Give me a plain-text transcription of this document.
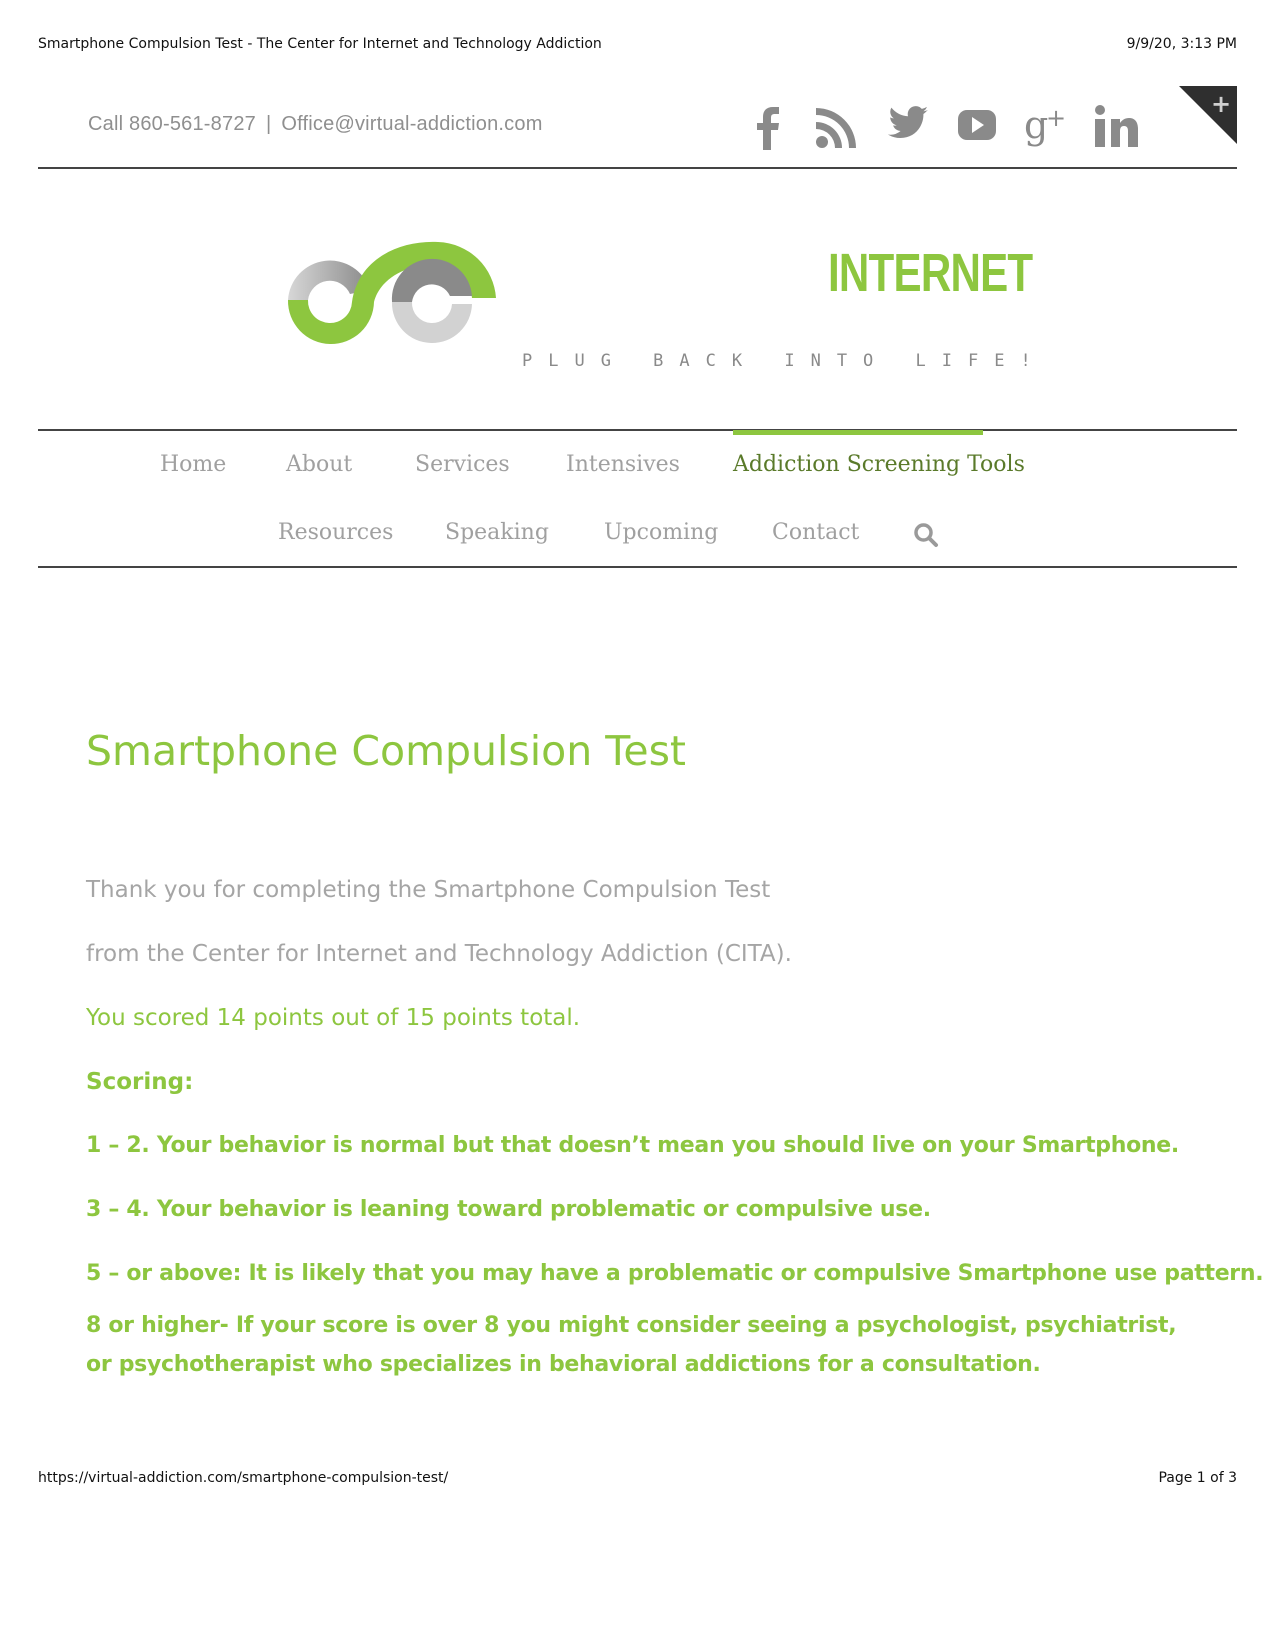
Smartphone Compulsion Test - The Center for Internet and Technology Addiction	9/9/20, 3:13 PM
Call 860-561-8727 | Office@virtual-addiction.com	g
+	+
INTERNET
PLUG BACK INTO LIFE!
Home	About	Services	Intensives Addiction Screening Tools
Resources Speaking	Upcoming Contact
Smartphone Compulsion Test

Thank you for completing the Smartphone Compulsion Test

from the Center for Internet and Technology Addiction (CITA).

You scored 14 points out of 15 points total.

Scoring:

1 – 2. Your behavior is normal but that doesn’t mean you should live on your Smartphone.

3 – 4. Your behavior is leaning toward problematic or compulsive use.

5 – or above: It is likely that you may have a problematic or compulsive Smartphone use pattern.

8 or higher- If your score is over 8 you might consider seeing a psychologist, psychiatrist, or psychotherapist who specializes in behavioral addictions for a consultation.

https://virtual-addiction.com/smartphone-compulsion-test/	Page 1 of 3
